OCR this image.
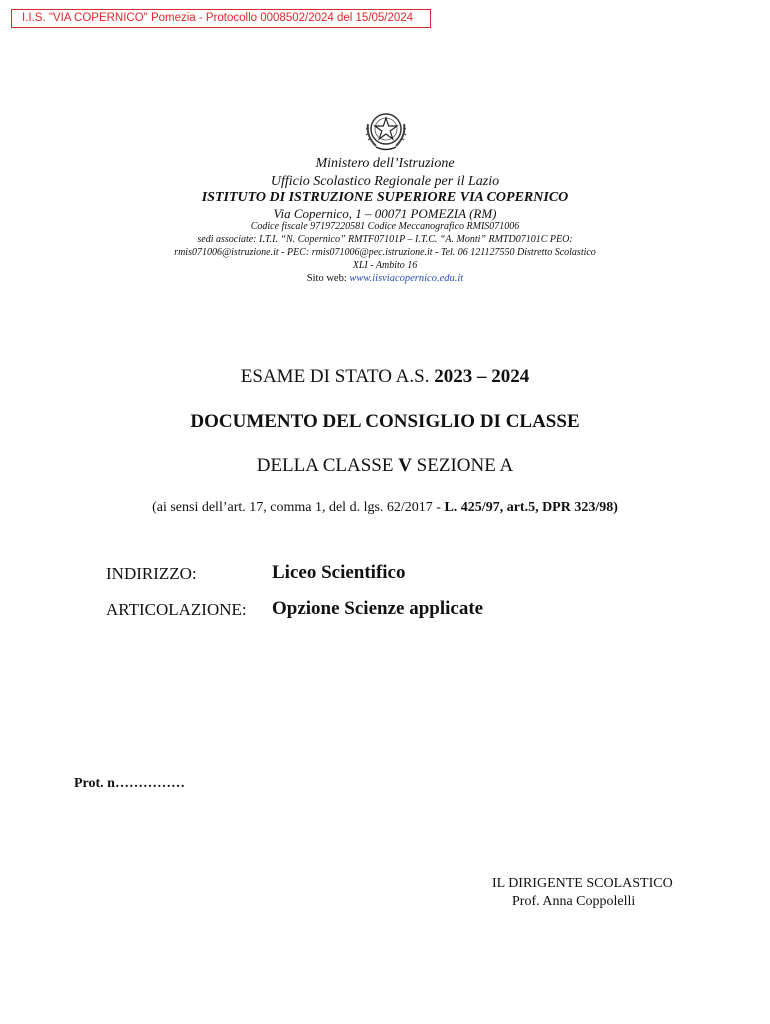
I.I.S. "VIA COPERNICO" Pomezia - Protocollo 0008502/2024 del 15/05/2024
Ministero dell’Istruzione
Ufficio Scolastico Regionale per il Lazio
ISTITUTO DI ISTRUZIONE SUPERIORE VIA COPERNICO
Via Copernico, 1 – 00071 POMEZIA (RM)
Codice fiscale 97197220581 Codice Meccanografico RMIS071006
sedi associate: I.T.I. “N. Copernico” RMTF07101P – I.T.C. “A. Monti” RMTD07101C PEO:
rmis071006@istruzione.it - PEC: rmis071006@pec.istruzione.it - Tel. 06 121127550 Distretto Scolastico
XLI - Ambito 16
Sito web: www.iisviacopernico.edu.it
ESAME DI STATO A.S. 2023 – 2024
DOCUMENTO DEL CONSIGLIO DI CLASSE
DELLA CLASSE V SEZIONE A
(ai sensi dell’art. 17, comma 1, del d. lgs. 62/2017 - L. 425/97, art.5, DPR 323/98)
INDIRIZZO:	Liceo Scientifico
ARTICOLAZIONE: Opzione Scienze applicate
Prot. n……………
IL DIRIGENTE SCOLASTICO
Prof. Anna Coppolelli
